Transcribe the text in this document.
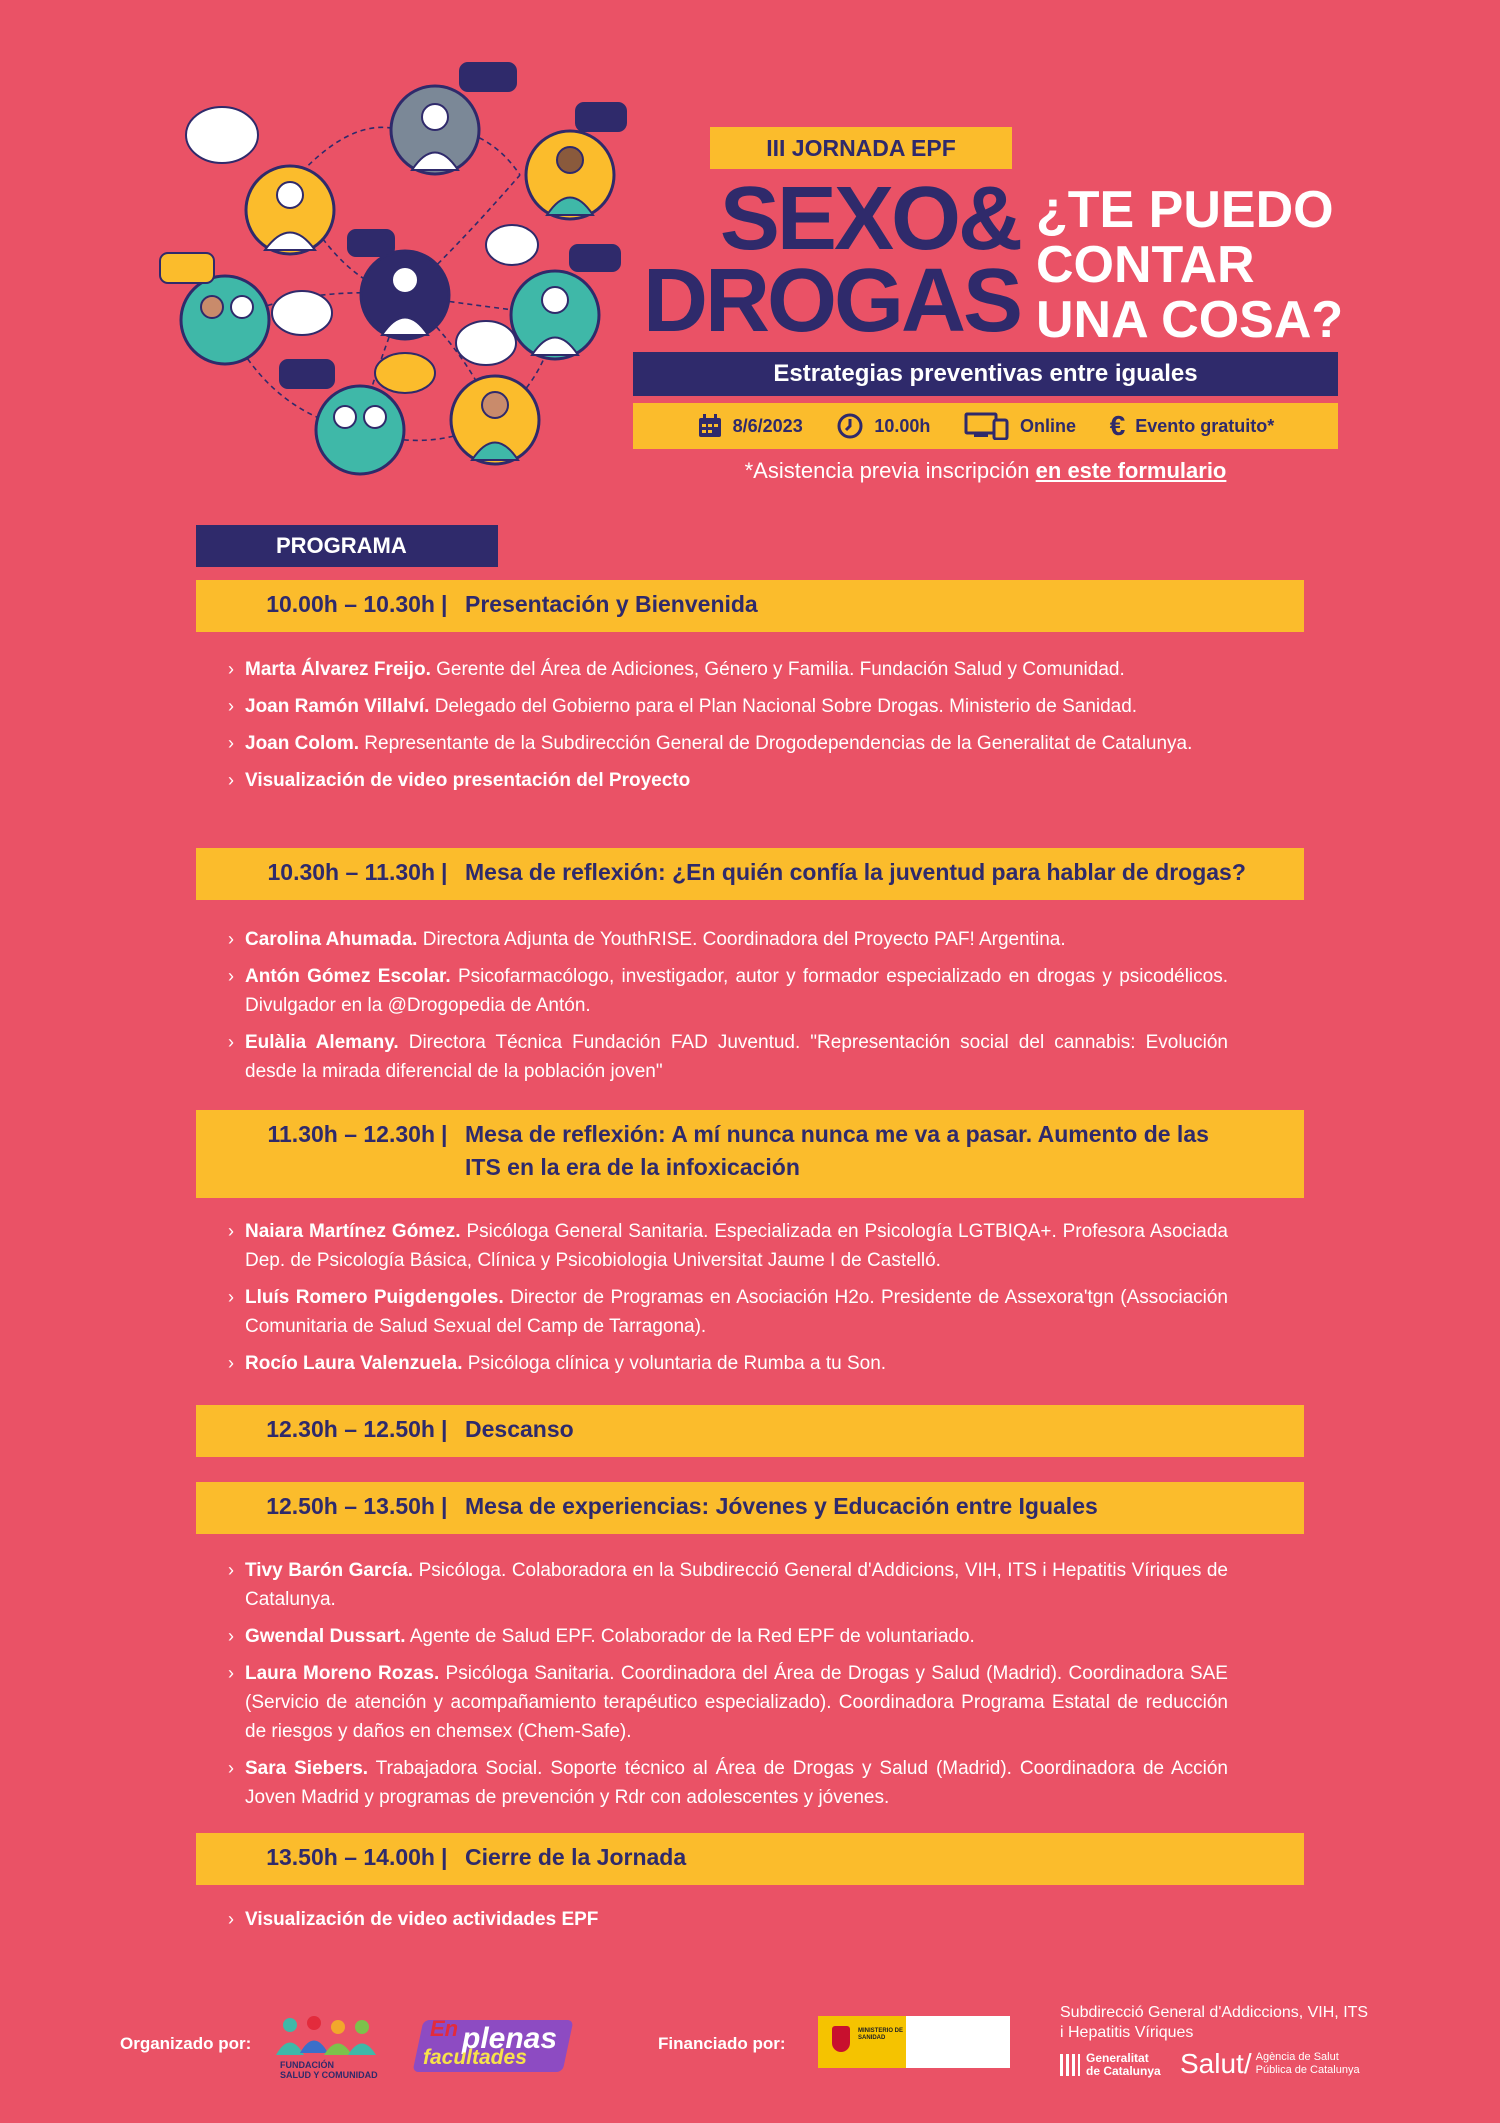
III JORNADA EPF
SEXO&
DROGAS
¿TE PUEDO
CONTAR
UNA COSA?
Estrategias preventivas entre iguales
8/6/2023	10.00h	Online € Evento gratuito*
*Asistencia previa inscripción en este formulario
PROGRAMA
10.00h – 10.30h | Presentación y Bienvenida
› Marta Álvarez Freijo. Gerente del Área de Adiciones, Género y Familia. Fundación Salud y Comunidad.
› Joan Ramón Villalví. Delegado del Gobierno para el Plan Nacional Sobre Drogas. Ministerio de Sanidad.
› Joan Colom. Representante de la Subdirección General de Drogodependencias de la Generalitat de Catalunya.
› Visualización de video presentación del Proyecto
10.30h – 11.30h | Mesa de reflexión: ¿En quién confía la juventud para hablar de drogas?
› Carolina Ahumada. Directora Adjunta de YouthRISE. Coordinadora del Proyecto PAF! Argentina.
› Antón Gómez Escolar. Psicofarmacólogo, investigador, autor y formador especializado en drogas y psicodélicos. Divulgador en la @Drogopedia de Antón.
› Eulàlia Alemany. Directora Técnica Fundación FAD Juventud. "Representación social del cannabis: Evolución desde la mirada diferencial de la población joven"
11.30h – 12.30h | Mesa de reflexión: A mí nunca nunca me va a pasar. Aumento de las ITS en la era de la infoxicación
› Naiara Martínez Gómez. Psicóloga General Sanitaria. Especializada en Psicología LGTBIQA+. Profesora Asociada Dep. de Psicología Básica, Clínica y Psicobiologia Universitat Jaume I de Castelló.
› Lluís Romero Puigdengoles. Director de Programas en Asociación H2o. Presidente de Assexora'tgn (Associación Comunitaria de Salud Sexual del Camp de Tarragona).
› Rocío Laura Valenzuela. Psicóloga clínica y voluntaria de Rumba a tu Son.
12.30h – 12.50h | Descanso
12.50h – 13.50h | Mesa de experiencias: Jóvenes y Educación entre Iguales
› Tivy Barón García. Psicóloga. Colaboradora en la Subdirecció General d'Addicions, VIH, ITS i Hepatitis Víriques de Catalunya.
› Gwendal Dussart. Agente de Salud EPF. Colaborador de la Red EPF de voluntariado.
› Laura Moreno Rozas. Psicóloga Sanitaria. Coordinadora del Área de Drogas y Salud (Madrid). Coordinadora SAE (Servicio de atención y acompañamiento terapéutico especializado). Coordinadora Programa Estatal de reducción de riesgos y daños en chemsex (Chem-Safe).
› Sara Siebers. Trabajadora Social. Soporte técnico al Área de Drogas y Salud (Madrid). Coordinadora de Acción Joven Madrid y programas de prevención y Rdr con adolescentes y jóvenes.
13.50h – 14.00h | Cierre de la Jornada
› Visualización de video actividades EPF
Organizado por:
FUNDACIÓN
SALUD Y COMUNIDAD
En plenas
facultades
Financiado por:
MINISTERIO DE SANIDAD
Subdirecció General d'Addiccions, VIH, ITS
i Hepatitis Víriques
Generalitat
de Catalunya Salut/ Agència de Salut
Pública de Catalunya
